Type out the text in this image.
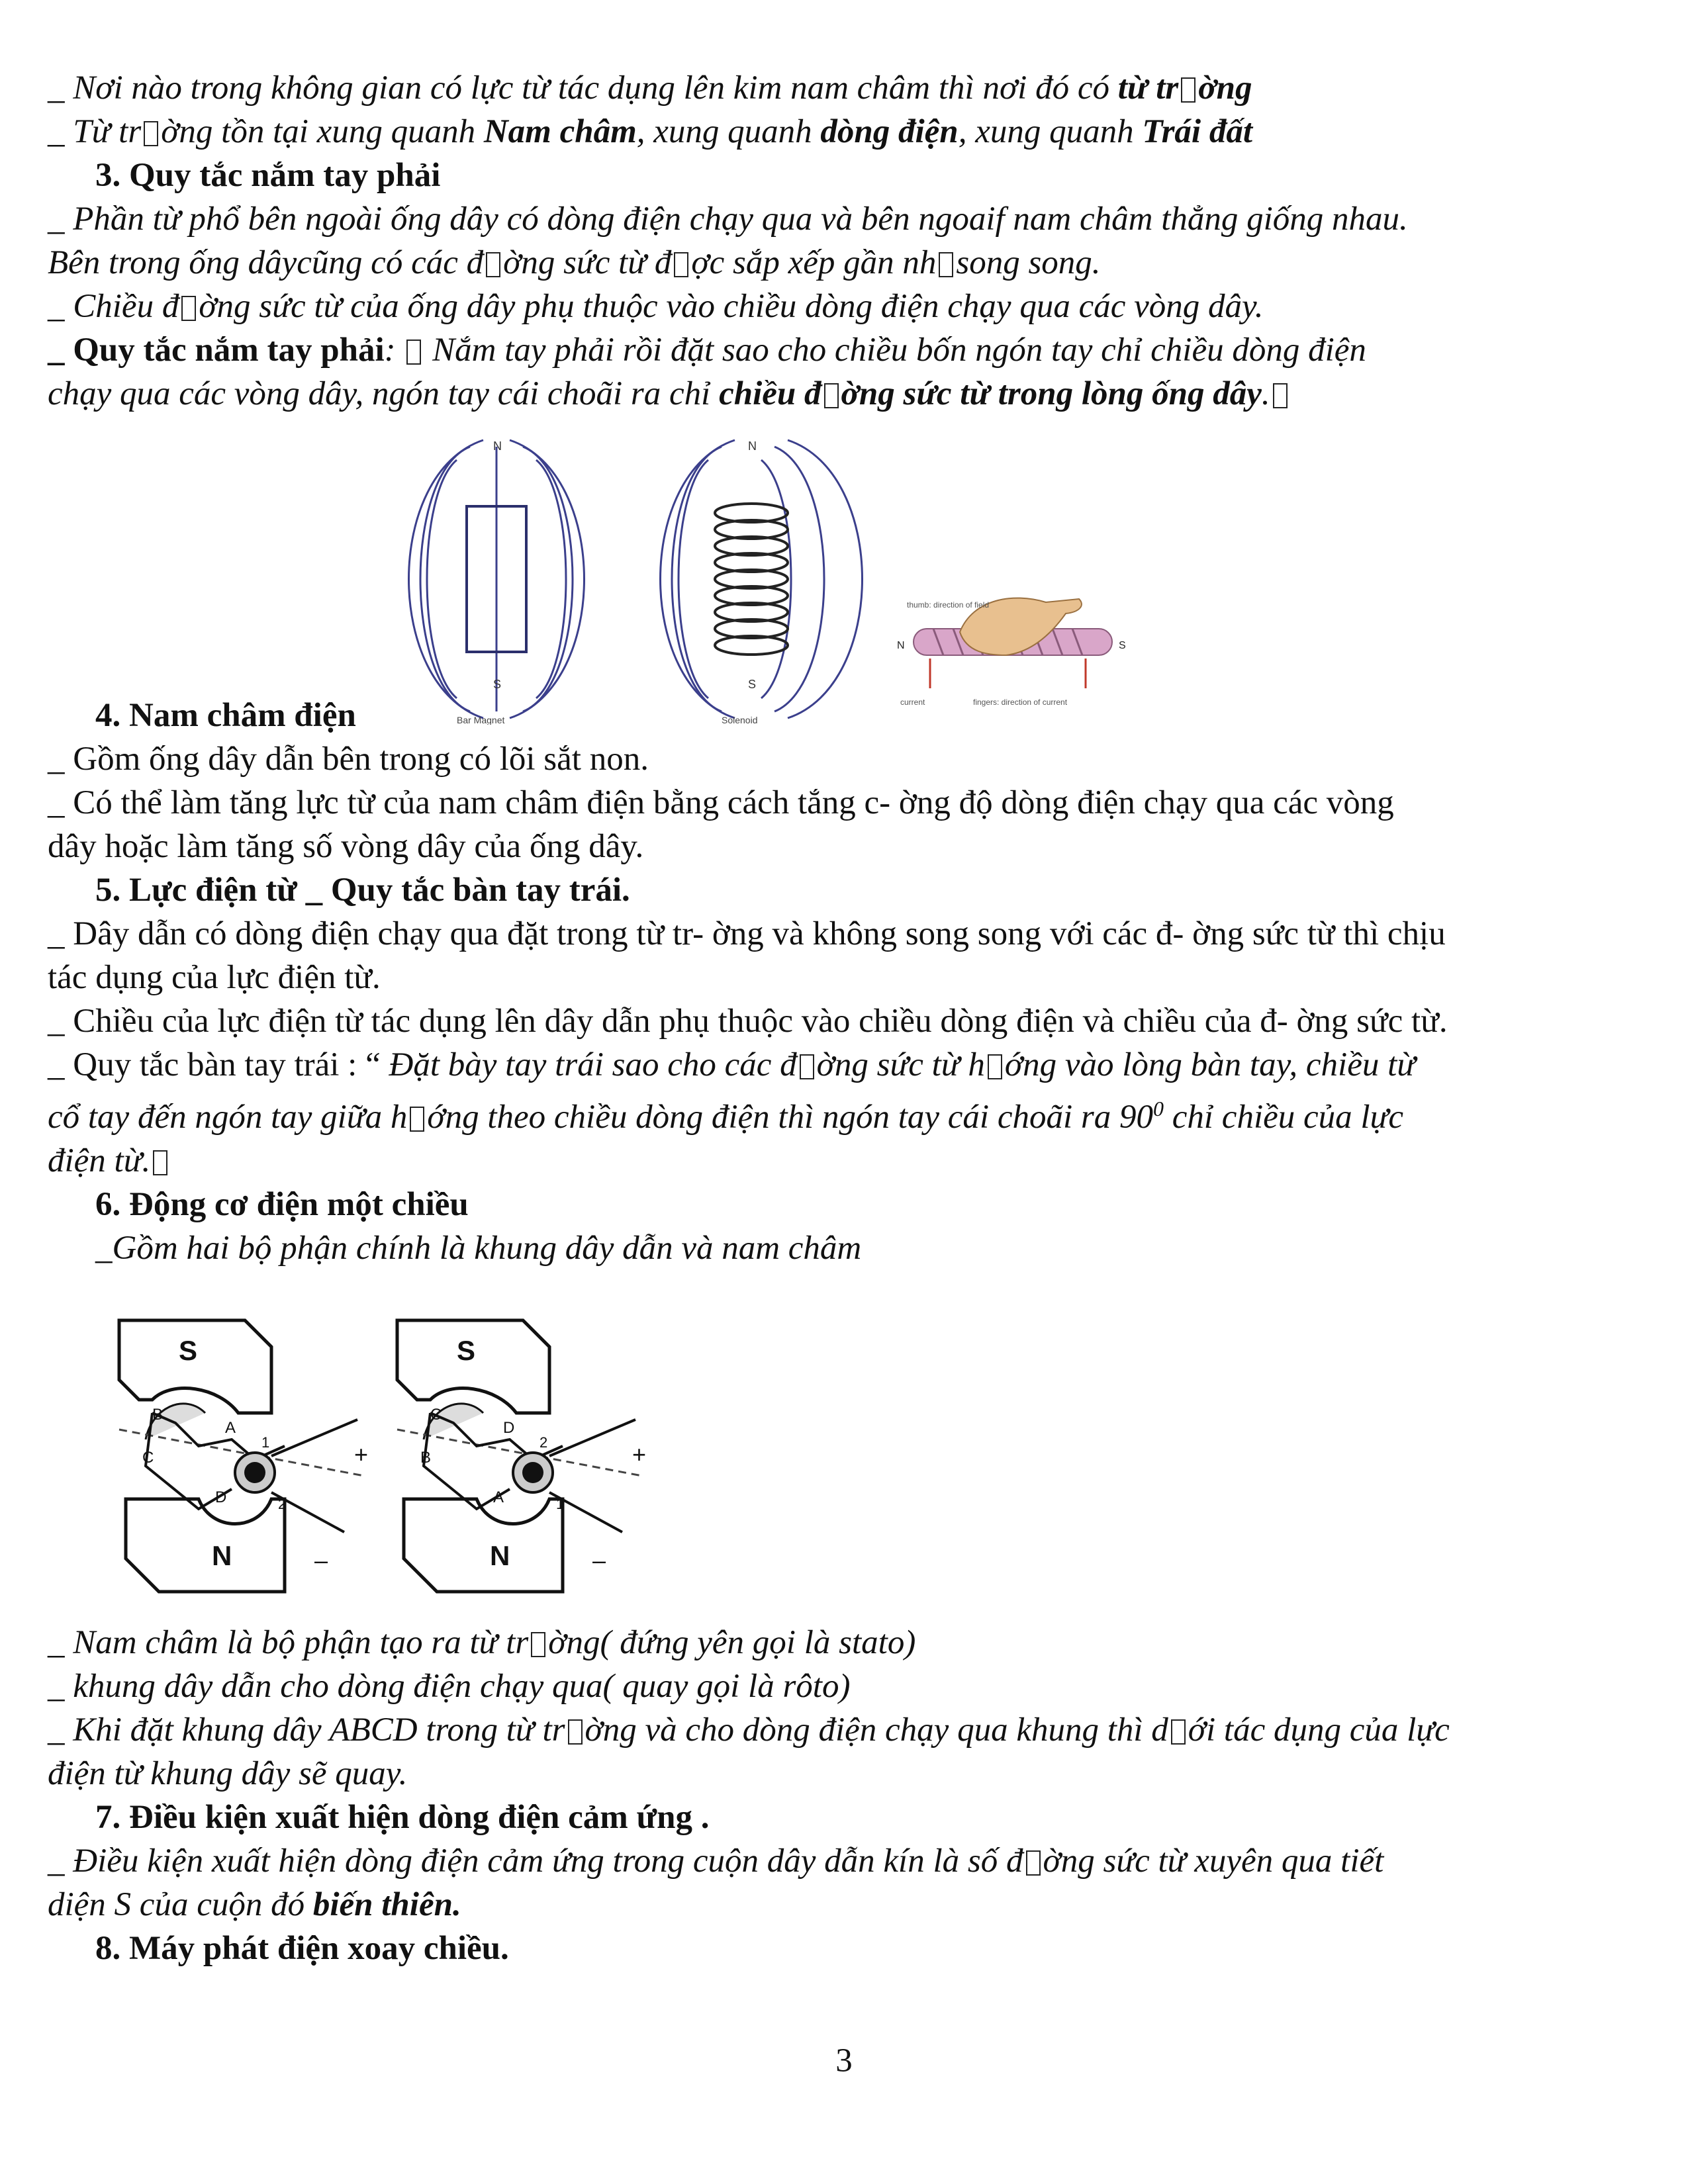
_ Nơi nào trong không gian có lực từ tác dụng lên kim nam châm thì nơi đó có từ tr ờng
_ Từ tr ờng tồn tại xung quanh Nam châm, xung quanh dòng điện, xung quanh Trái đất
3. Quy tắc nắm tay phải
_ Phần từ phổ bên ngoài ống dây có dòng điện chạy qua và bên ngoaif nam châm thẳng giống nhau.
Bên trong ống dâycũng có các đ ờng sức từ đ ợc sắp xếp gần nh song song.
_ Chiều đ ờng sức từ của ống dây phụ thuộc vào chiều dòng điện chạy qua các vòng dây.
_ Quy tắc nắm tay phải:  Nắm tay phải rồi đặt sao cho chiều bốn ngón tay chỉ chiều dòng điện
chạy qua các vòng dây, ngón tay cái choãi ra chỉ chiều đ ờng sức từ trong lòng ống dây.
4. Nam châm điện
_ Gồm ống dây dẫn bên trong có lõi sắt non.
_ Có thể làm tăng lực từ của nam châm điện bằng cách tắng c- ờng độ dòng điện chạy qua các vòng
dây hoặc làm tăng số vòng dây của ống dây.
5. Lực điện từ _ Quy tắc bàn tay trái.
_ Dây dẫn có dòng điện chạy qua đặt trong từ tr- ờng và không song song với các đ- ờng sức từ thì chịu
tác dụng của lực điện từ.
_ Chiều của lực điện từ tác dụng lên dây dẫn phụ thuộc vào chiều dòng điện và chiều của đ- ờng sức từ.
_ Quy tắc bàn tay trái : “ Đặt bày tay trái sao cho các đ ờng sức từ h ớng vào lòng bàn tay, chiều từ
cổ tay đến ngón tay giữa h ớng theo chiều dòng điện thì ngón tay cái choãi ra $90^0$ chỉ chiều của lực
điện từ.
6. Động cơ điện một chiều
_Gồm hai bộ phận chính là khung dây dẫn và nam châm
_ Nam châm là bộ phận tạo ra từ tr ờng( đứng yên gọi là stato)
_ khung dây dẫn cho dòng điện chạy qua( quay gọi là rôto)
_ Khi đặt khung dây ABCD trong từ tr ờng và cho dòng điện chạy qua khung thì d ới tác dụng của lực
điện từ khung dây sẽ quay.
7. Điều kiện xuất hiện dòng điện cảm ứng .
_ Điều kiện xuất hiện dòng điện cảm ứng trong cuộn dây dẫn kín là số đ ờng sức từ xuyên qua tiết
diện S của cuộn đó biến thiên.
8. Máy phát điện xoay chiều.
N
S
Bar Magnet
N
S
Solenoid
N	S
thumb: direction of field
current	fingers: direction of current
S
N
B
A
C
D
1
2
+
–
S
N
C
D
B
A
2
1
+
–
3
